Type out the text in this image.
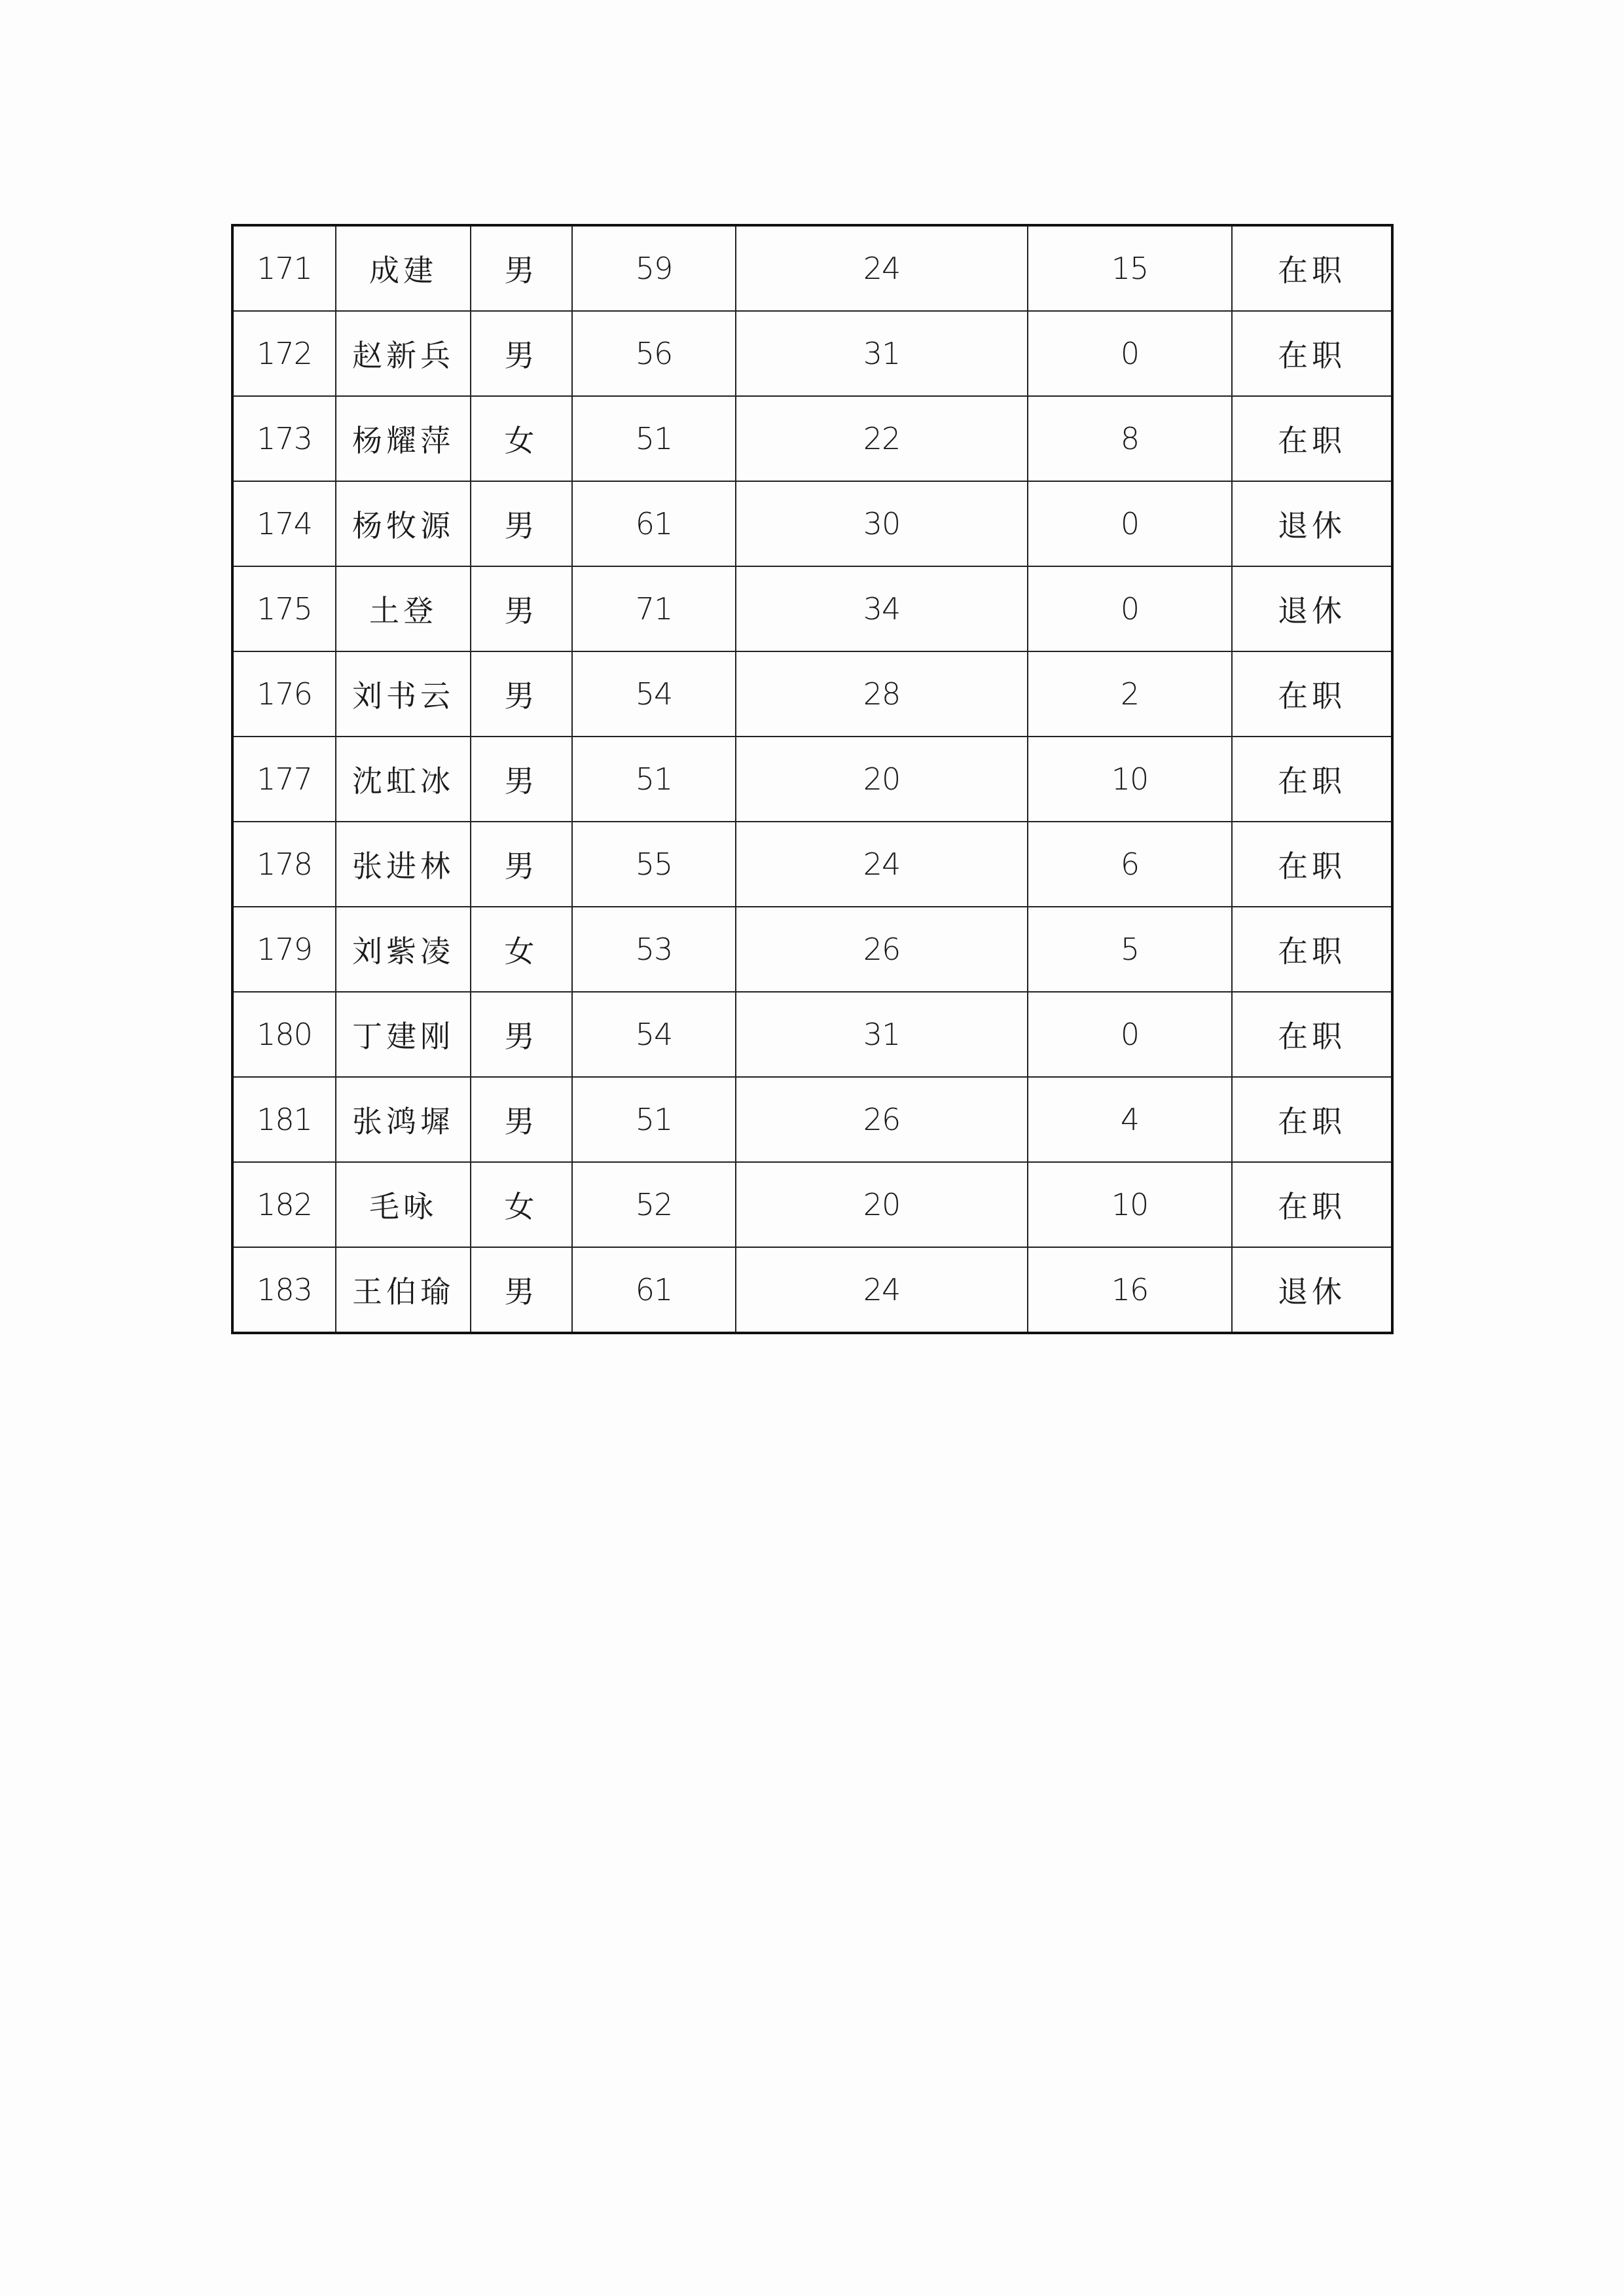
171	成建	男	59	24	15	在职
172	赵新兵	男	56	31	0	在职
173	杨耀萍	女	51	22	8	在职
174	杨牧源	男	61	30	0	退休
175	土登	男	71	34	0	退休
176	刘书云	男	54	28	2	在职
177	沈虹冰	男	51	20	10	在职
178	张进林	男	55	24	6	在职
179	刘紫凌	女	53	26	5	在职
180	丁建刚	男	54	31	0	在职
181	张鸿墀	男	51	26	4	在职
182	毛咏	女	52	20	10	在职
183	王伯瑜	男	61	24	16	退休
